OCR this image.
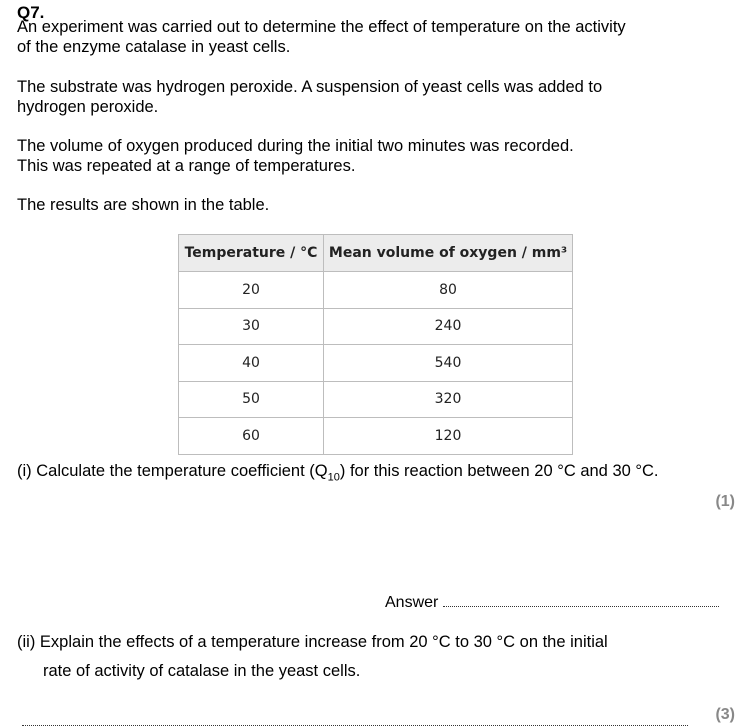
Q7.
An experiment was carried out to determine the effect of temperature on the activity
of the enzyme catalase in yeast cells.
The substrate was hydrogen peroxide. A suspension of yeast cells was added to
hydrogen peroxide.
The volume of oxygen produced during the initial two minutes was recorded.
This was repeated at a range of temperatures.
The results are shown in the table.
Temperature / °C	Mean volume of oxygen / mm³
20	80
30	240
40	540
50	320
60	120
(i) Calculate the temperature coefficient $(Q_{10})$ for this reaction between 20 °C and 30 °C.
(1)
Answer
(ii) Explain the effects of a temperature increase from 20 °C to 30 °C on the initial
rate of activity of catalase in the yeast cells.
(3)
